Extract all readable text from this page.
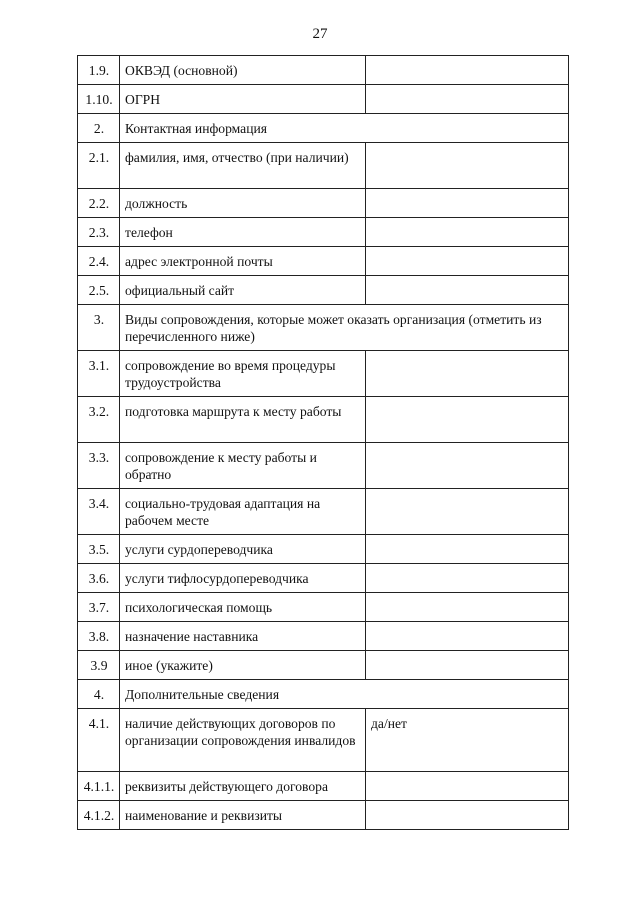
27
1.9.	ОКВЭД (основной)	
1.10.	ОГРН	
2.	Контактная информация	
2.1.	фамилия, имя, отчество (при наличии)	
2.2.	должность	
2.3.	телефон	
2.4.	адрес электронной почты	
2.5.	официальный сайт	
3.	Виды сопровождения, которые может оказать организация (отметить из перечисленного ниже)	
3.1.	сопровождение во время процедуры трудоустройства	
3.2.	подготовка маршрута к месту работы	
3.3.	сопровождение к месту работы и обратно	
3.4.	социально-трудовая адаптация на рабочем месте	
3.5.	услуги сурдопереводчика	
3.6.	услуги тифлосурдопереводчика	
3.7.	психологическая помощь	
3.8.	назначение наставника	
3.9	иное (укажите)	
4.	Дополнительные сведения	
4.1.	наличие действующих договоров по организации сопровождения инвалидов	да/нет
4.1.1.	реквизиты действующего договора	
4.1.2.	наименование и реквизиты	
